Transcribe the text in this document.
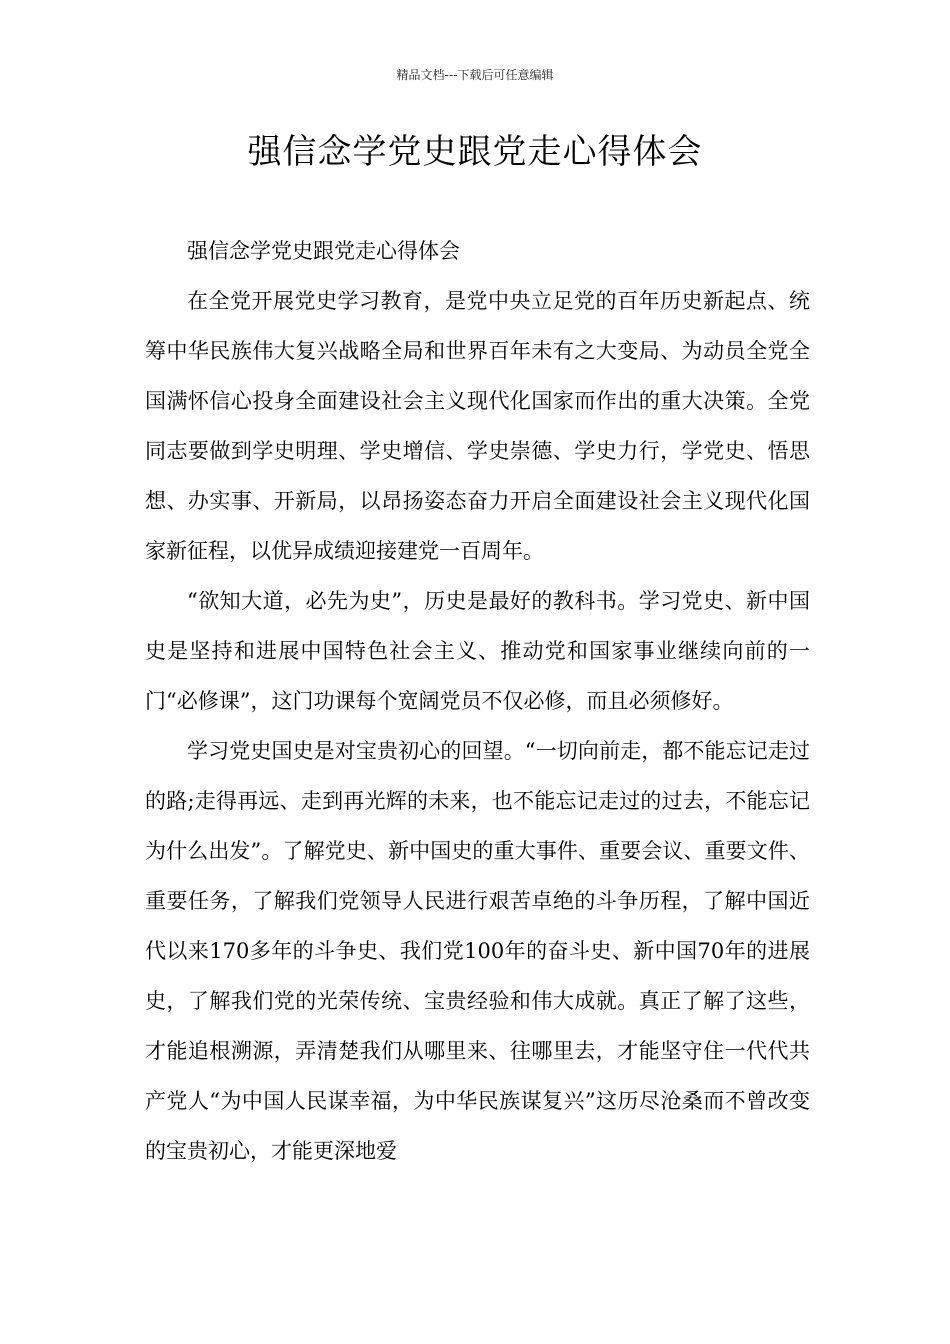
精品文档---下载后可任意编辑
强信念学党史跟党走心得体会

强信念学党史跟党走心得体会

在全党开展党史学习教育，是党中央立足党的百年历史新起点、统筹中华民族伟大复兴战略全局和世界百年未有之大变局、为动员全党全国满怀信心投身全面建设社会主义现代化国家而作出的重大决策。全党同志要做到学史明理、学史增信、学史崇德、学史力行，学党史、悟思想、办实事、开新局，以昂扬姿态奋力开启全面建设社会主义现代化国家新征程，以优异成绩迎接建党一百周年。

“欲知大道，必先为史”，历史是最好的教科书。学习党史、新中国史是坚持和进展中国特色社会主义、推动党和国家事业继续向前的一门“必修课”，这门功课每个宽阔党员不仅必修，而且必须修好。

学习党史国史是对宝贵初心的回望。“一切向前走，都不能忘记走过的路;走得再远、走到再光辉的未来，也不能忘记走过的过去，不能忘记为什么出发”。了解党史、新中国史的重大事件、重要会议、重要文件、重要任务，了解我们党领导人民进行艰苦卓绝的斗争历程，了解中国近代以来170多年的斗争史、我们党100年的奋斗史、新中国70年的进展史，了解我们党的光荣传统、宝贵经验和伟大成就。真正了解了这些，才能追根溯源，弄清楚我们从哪里来、往哪里去，才能坚守住一代代共产党人“为中国人民谋幸福，为中华民族谋复兴”这历尽沧桑而不曾改变的宝贵初心，才能更深地爱
